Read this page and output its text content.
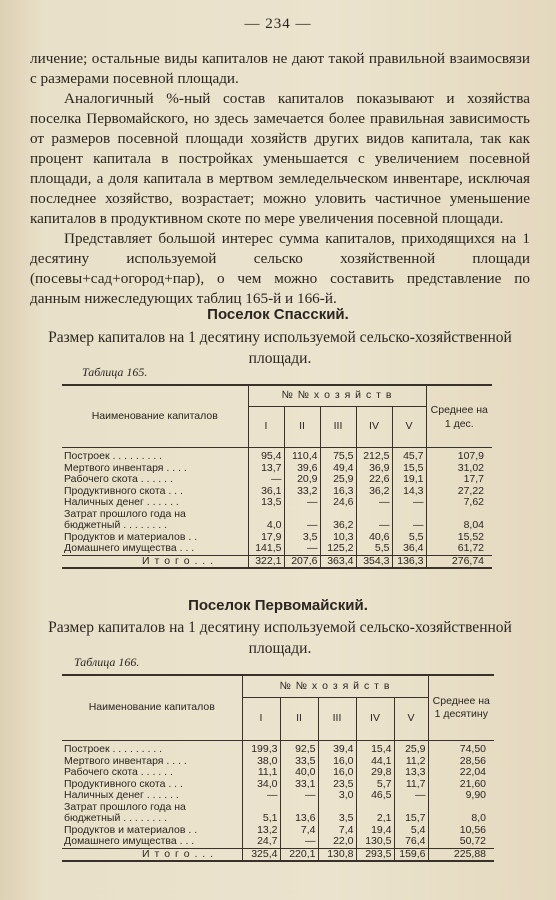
— 234 —

личение; остальные виды капиталов не дают такой правильной взаимосвязи с размерами посевной площади.

Аналогичный %-ный состав капиталов показывают и хозяйства поселка Первомайского, но здесь замечается более правильная зависимость от размеров посевной площади хозяйств других видов капитала, так как процент капитала в постройках уменьшается с увеличением посевной площади, а доля капитала в мертвом земледельческом инвентаре, исключая последнее хозяйство, возрастает; можно уловить частичное уменьшение капиталов в продуктивном скоте по мере увеличения посевной площади.

Представляет большой интерес сумма капиталов, приходящихся на 1 десятину используемой сельско хозяйственной площади (посевы+сад+огород+пар), о чем можно составить представление по данным нижеследующих таблиц 165-й и 166-й.

Поселок Спасский.
Размер капиталов на 1 десятину используемой сельско-хозяйственной площади.
Таблица 165.
Наименование капиталов	№ № х о з я й с т в					Среднее на 1 дес.
	I	II	III	IV	V	
Построек . . . . . . . . .	95,4	110,4	75,5	212,5	45,7	107,9
Мертвого инвентаря . . . .	13,7	39,6	49,4	36,9	15,5	31,02
Рабочего скота . . . . . .	—	20,9	25,9	22,6	19,1	17,7
Продуктивного скота . . .	36,1	33,2	16,3	36,2	14,3	27,22
Наличных денег . . . . . .	13,5	—	24,6	—	—	7,62
Затрат прошлого года на						
бюджетный . . . . . . . .	4,0	—	36,2	—	—	8,04
Продуктов и материалов . .	17,9	3,5	10,3	40,6	5,5	15,52
Домашнего имущества . . .	141,5	—	125,2	5,5	36,4	61,72
И т о г о . . .	322,1	207,6	363,4	354,3	136,3	276,74
Поселок Первомайский.
Размер капиталов на 1 десятину используемой сельско-хозяйственной площади.
Таблица 166.
Наименование капиталов	№ № х о з я й с т в					Среднее на 1 десятину
	I	II	III	IV	V	
Построек . . . . . . . . .	199,3	92,5	39,4	15,4	25,9	74,50
Мертвого инвентаря . . . .	38,0	33,5	16,0	44,1	11,2	28,56
Рабочего скота . . . . . .	11,1	40,0	16,0	29,8	13,3	22,04
Продуктивного скота . . .	34,0	33,1	23,5	5,7	11,7	21,60
Наличных денег . . . . . .	—	—	3,0	46,5	—	9,90
Затрат прошлого года на						
бюджетный . . . . . . . .	5,1	13,6	3,5	2,1	15,7	8,0
Продуктов и материалов . .	13,2	7,4	7,4	19,4	5,4	10,56
Домашнего имущества . . .	24,7	—	22,0	130,5	76,4	50,72
И т о г о . . .	325,4	220,1	130,8	293,5	159,6	225,88
